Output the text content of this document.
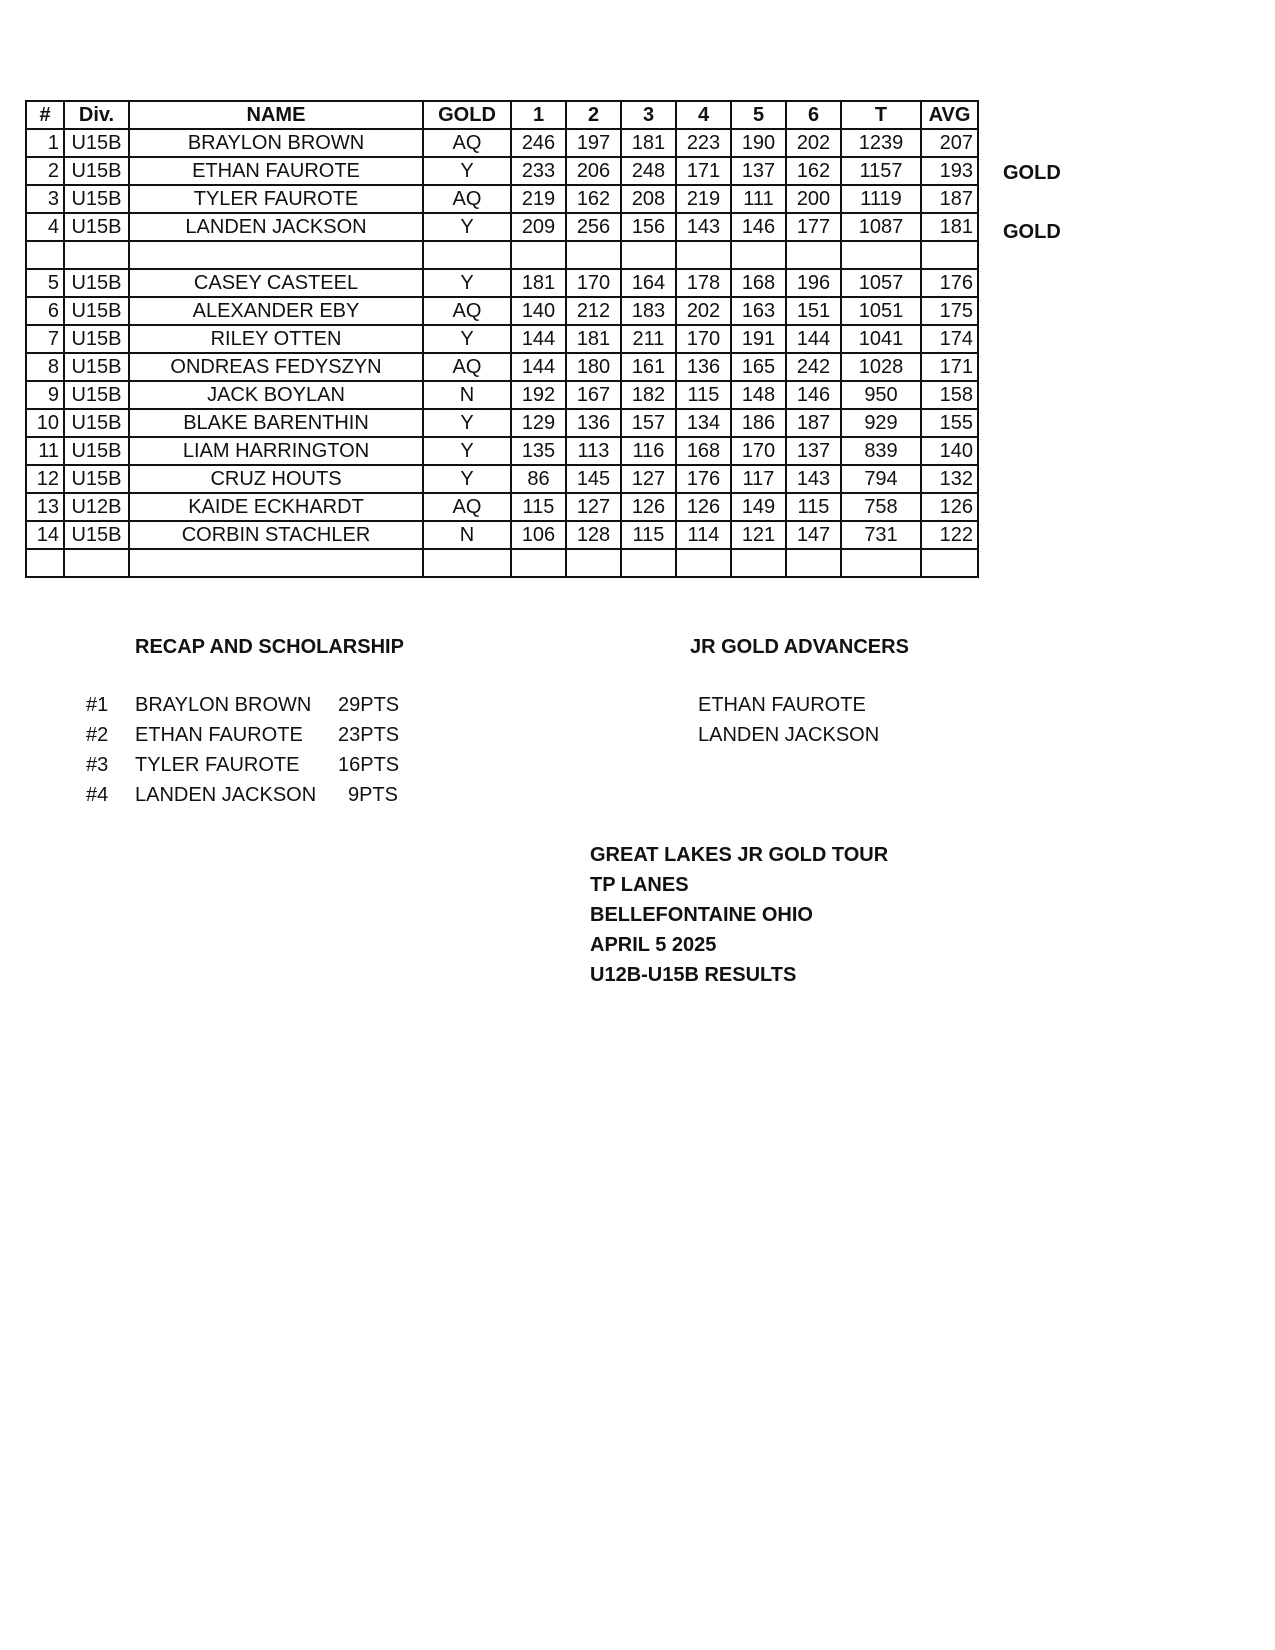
#	Div.	NAME	GOLD	1	2	3	4	5	6	T	AVG
1	U15B	BRAYLON BROWN	AQ	246	197	181	223	190	202	1239	207
2	U15B	ETHAN FAUROTE	Y	233	206	248	171	137	162	1157	193
3	U15B	TYLER FAUROTE	AQ	219	162	208	219	111	200	1119	187
4	U15B	LANDEN JACKSON	Y	209	256	156	143	146	177	1087	181

5	U15B	CASEY CASTEEL	Y	181	170	164	178	168	196	1057	176
6	U15B	ALEXANDER EBY	AQ	140	212	183	202	163	151	1051	175
7	U15B	RILEY OTTEN	Y	144	181	211	170	191	144	1041	174
8	U15B	ONDREAS FEDYSZYN	AQ	144	180	161	136	165	242	1028	171
9	U15B	JACK BOYLAN	N	192	167	182	115	148	146	950	158
10	U15B	BLAKE BARENTHIN	Y	129	136	157	134	186	187	929	155
11	U15B	LIAM HARRINGTON	Y	135	113	116	168	170	137	839	140
12	U15B	CRUZ HOUTS	Y	86	145	127	176	117	143	794	132
13	U12B	KAIDE ECKHARDT	AQ	115	127	126	126	149	115	758	126
14	U15B	CORBIN STACHLER	N	106	128	115	114	121	147	731	122

GOLD
GOLD
RECAP AND SCHOLARSHIP
#1 BRAYLON BROWN 29PTS
#2 ETHAN FAUROTE 23PTS
#3 TYLER FAUROTE 16PTS
#4 LANDEN JACKSON	9PTS
JR GOLD ADVANCERS
ETHAN FAUROTE
LANDEN JACKSON
GREAT LAKES JR GOLD TOUR
TP LANES
BELLEFONTAINE OHIO
APRIL 5 2025
U12B-U15B RESULTS
